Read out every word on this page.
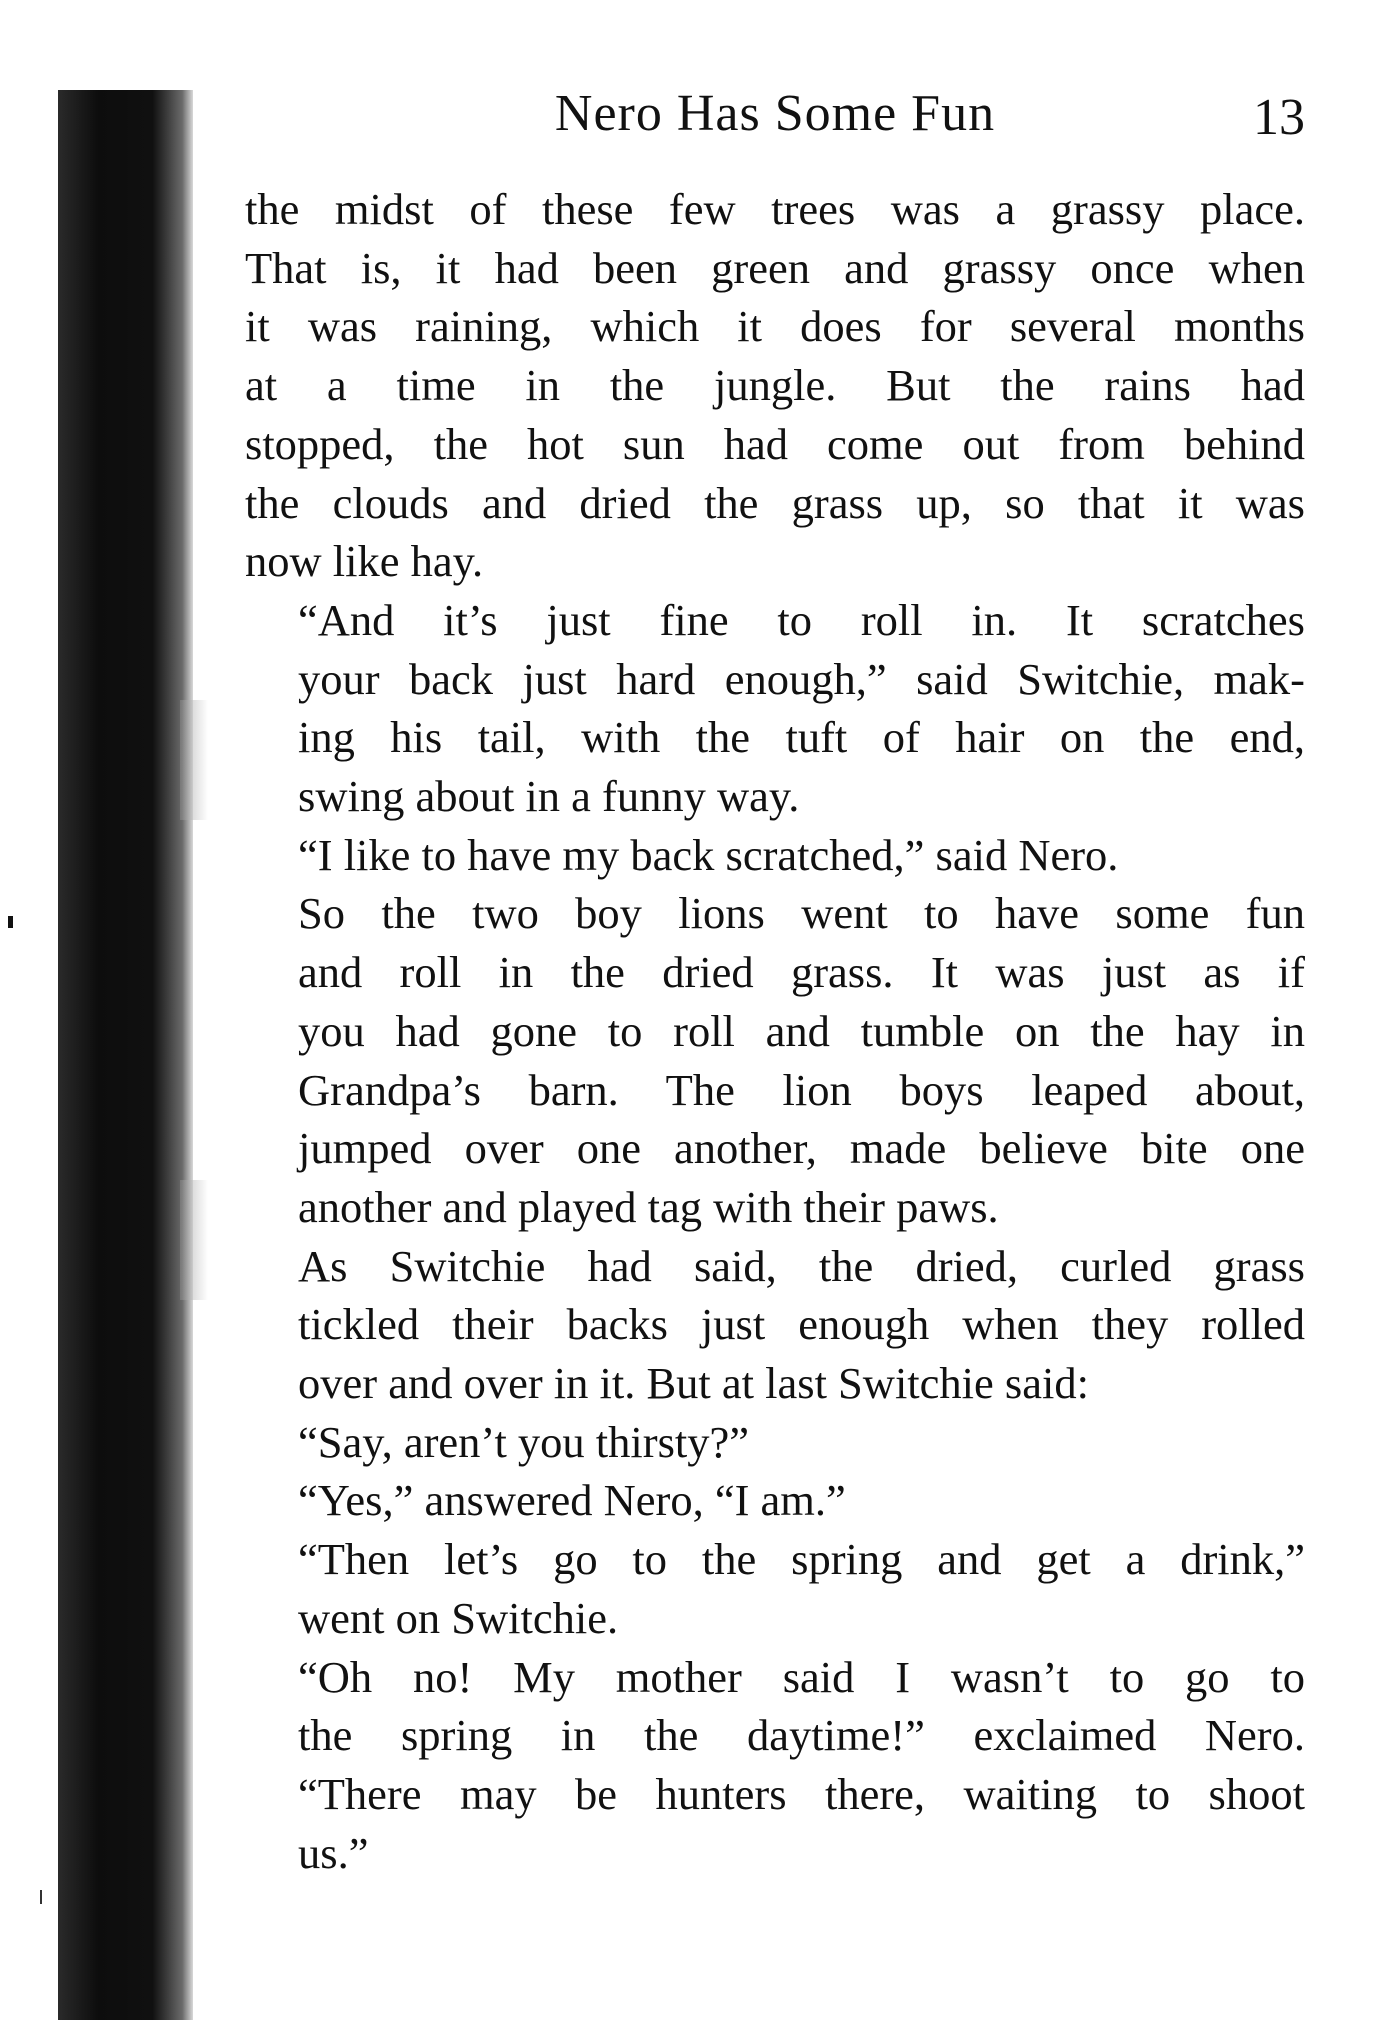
Nero Has Some Fun	13

the midst of these few trees was a grassy place.
That is, it had been green and grassy once when
it was raining, which it does for several months
at a time in the jungle. But the rains had
stopped, the hot sun had come out from behind
the clouds and dried the grass up, so that it was
now like hay.

“And it’s just fine to roll in. It scratches
your back just hard enough,” said Switchie, mak-
ing his tail, with the tuft of hair on the end,
swing about in a funny way.

“I like to have my back scratched,” said Nero.

So the two boy lions went to have some fun
and roll in the dried grass. It was just as if
you had gone to roll and tumble on the hay in
Grandpa’s barn. The lion boys leaped about,
jumped over one another, made believe bite one
another and played tag with their paws.

As Switchie had said, the dried, curled grass
tickled their backs just enough when they rolled
over and over in it. But at last Switchie said:

“Say, aren’t you thirsty?”

“Yes,” answered Nero, “I am.”

“Then let’s go to the spring and get a drink,”
went on Switchie.

“Oh no! My mother said I wasn’t to go to
the spring in the daytime!” exclaimed Nero.
“There may be hunters there, waiting to shoot
us.”
